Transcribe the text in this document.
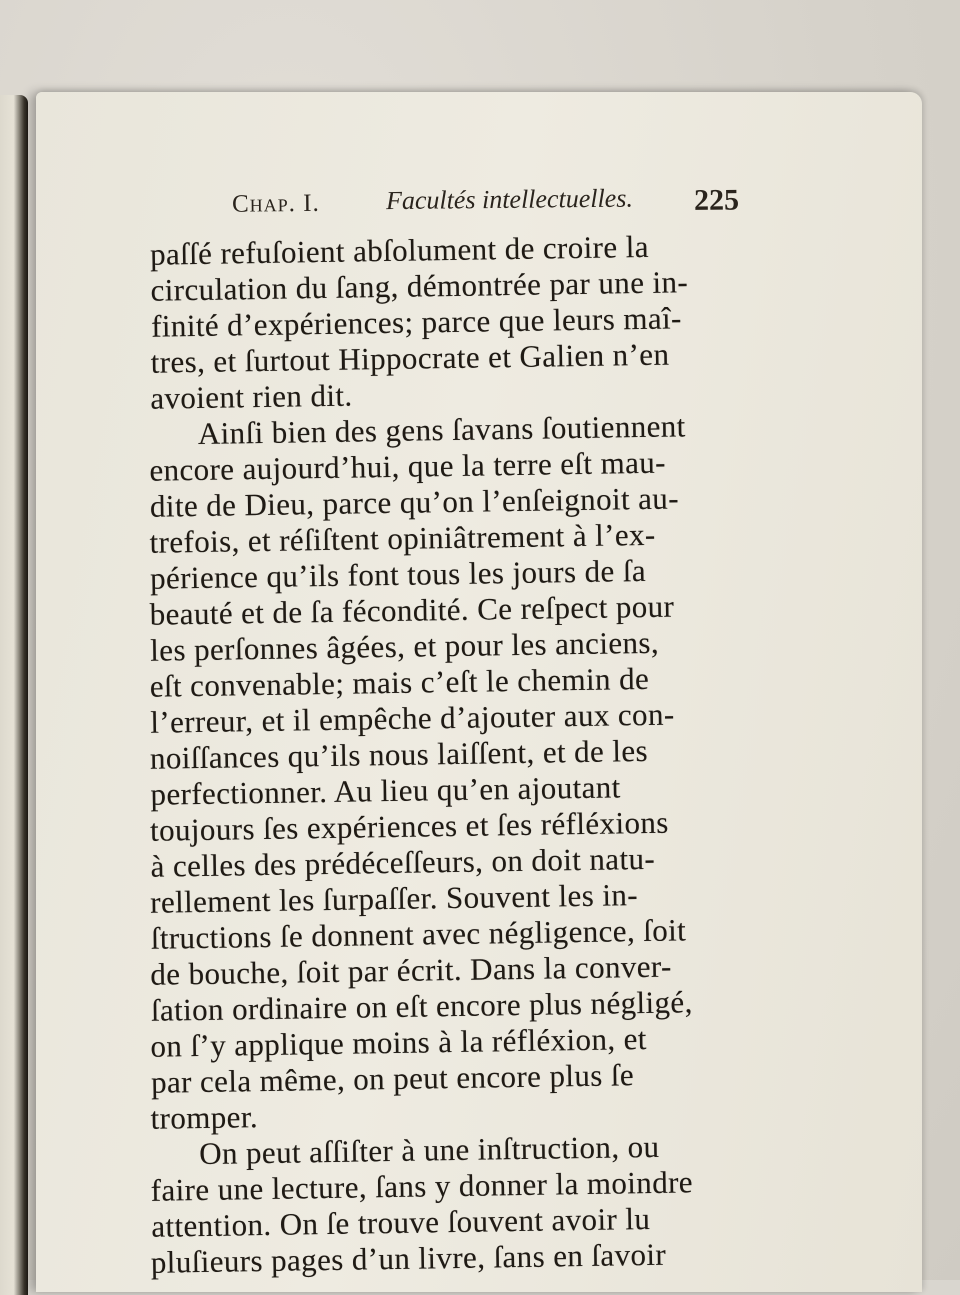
Chap. I.	Facultés intellectuelles. 225
paſſé refuſoient abſolument de croire la
circulation du ſang, démontrée par une in-
finité d’expériences; parce que leurs maî-
tres, et ſurtout Hippocrate et Galien n’en
avoient rien dit.
Ainſi bien des gens ſavans ſoutiennent
encore aujourd’hui, que la terre eſt mau-
dite de Dieu, parce qu’on l’enſeignoit au-
trefois, et réſiſtent opiniâtrement à l’ex-
périence qu’ils font tous les jours de ſa
beauté et de ſa fécondité. Ce reſpect pour
les perſonnes âgées, et pour les anciens,
eſt convenable; mais c’eſt le chemin de
l’erreur, et il empêche d’ajouter aux con-
noiſſances qu’ils nous laiſſent, et de les
perfectionner. Au lieu qu’en ajoutant
toujours ſes expériences et ſes réfléxions
à celles des prédéceſſeurs, on doit natu-
rellement les ſurpaſſer. Souvent les in-
ſtructions ſe donnent avec négligence, ſoit
de bouche, ſoit par écrit. Dans la conver-
ſation ordinaire on eſt encore plus négligé,
on ſ’y applique moins à la réfléxion, et
par cela même, on peut encore plus ſe
tromper.
On peut aſſiſter à une inſtruction, ou
faire une lecture, ſans y donner la moindre
attention. On ſe trouve ſouvent avoir lu
pluſieurs pages d’un livre, ſans en ſavoir
